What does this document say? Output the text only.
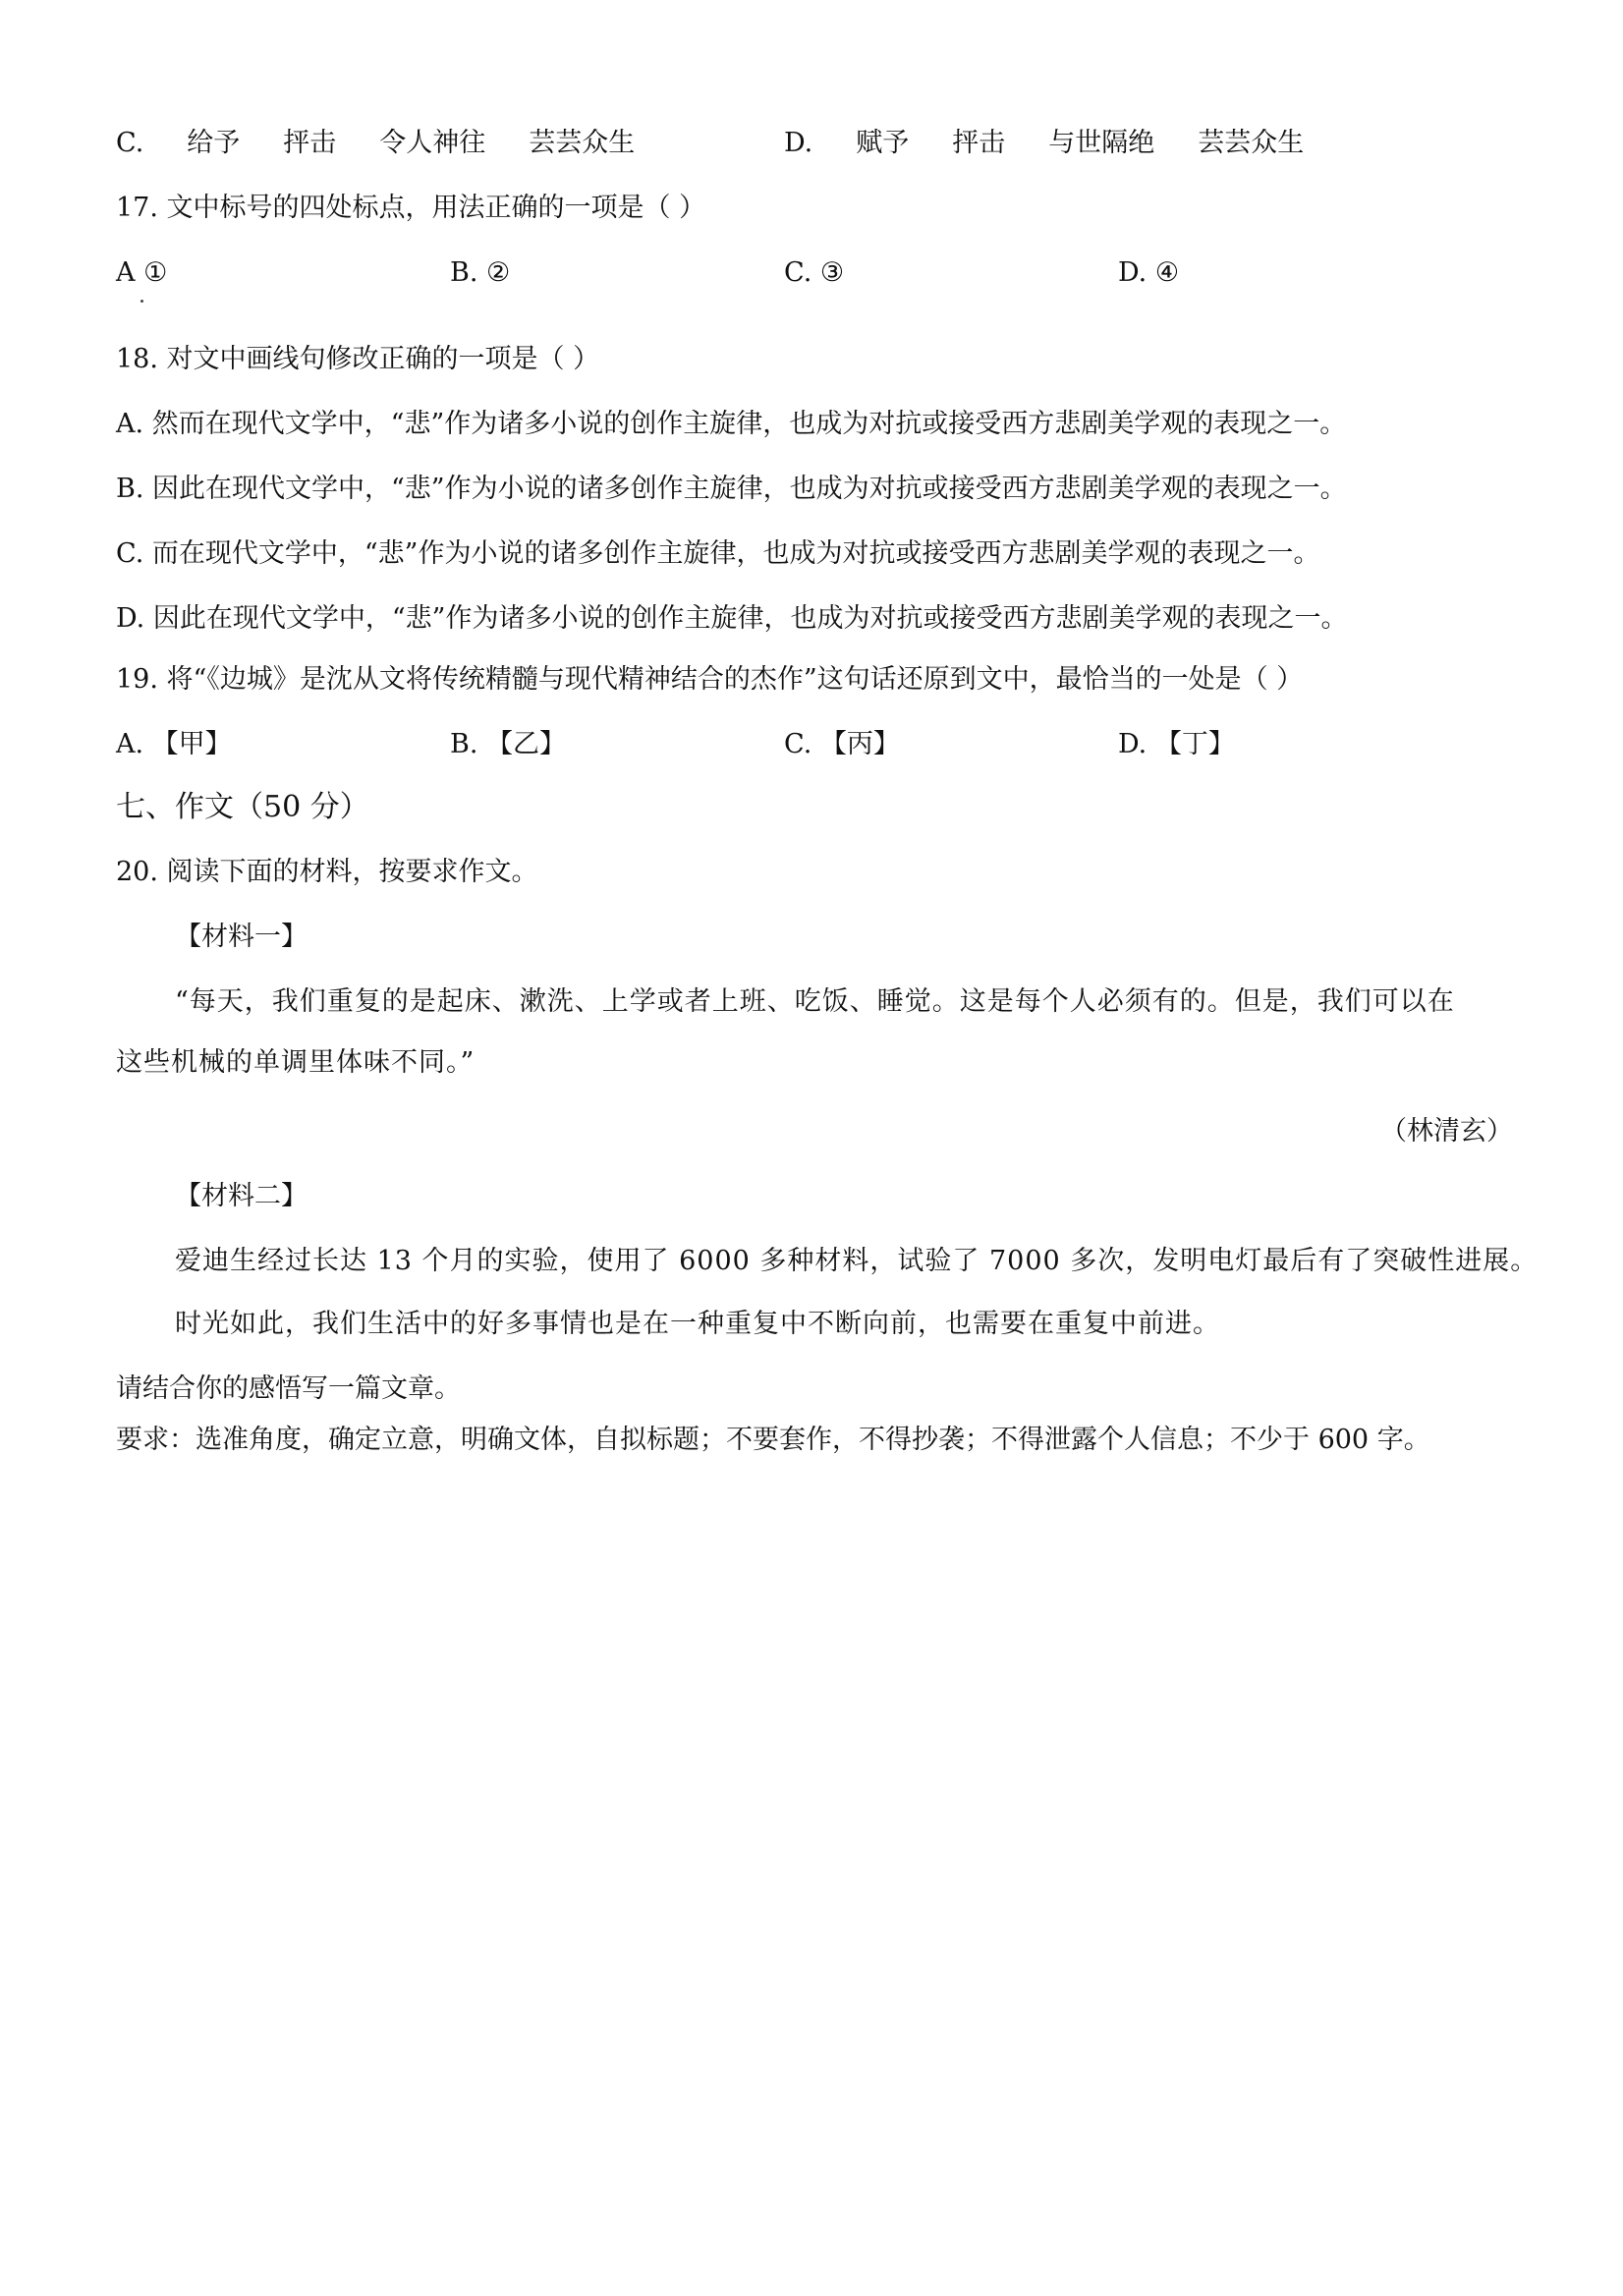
C. 给予 抨击 令人神往 芸芸众生	D. 赋予 抨击 与世隔绝 芸芸众生
17. 文中标号的四处标点，用法正确的一项是（ ）
A ①	B. ②	C. ③	D. ④
18. 对文中画线句修改正确的一项是（ ）
A. 然而在现代文学中，“悲”作为诸多小说的创作主旋律，也成为对抗或接受西方悲剧美学观的表现之一。
B. 因此在现代文学中，“悲”作为小说的诸多创作主旋律，也成为对抗或接受西方悲剧美学观的表现之一。
C. 而在现代文学中，“悲”作为小说的诸多创作主旋律，也成为对抗或接受西方悲剧美学观的表现之一。
D. 因此在现代文学中，“悲”作为诸多小说的创作主旋律，也成为对抗或接受西方悲剧美学观的表现之一。
19. 将“《边城》是沈从文将传统精髓与现代精神结合的杰作”这句话还原到文中，最恰当的一处是（ ）
A. 【甲】	B. 【乙】	C. 【丙】	D. 【丁】
七、作文（50 分）
20. 阅读下面的材料，按要求作文。
【材料一】
“每天，我们重复的是起床、漱洗、上学或者上班、吃饭、睡觉。这是每个人必须有的。但是，我们可以在
这些机械的单调里体味不同。”
（林清玄）
【材料二】
爱迪生经过长达 13 个月的实验，使用了 6000 多种材料，试验了 7000 多次，发明电灯最后有了突破性进展。
时光如此，我们生活中的好多事情也是在一种重复中不断向前，也需要在重复中前进。
请结合你的感悟写一篇文章。
要求：选准角度，确定立意，明确文体，自拟标题；不要套作，不得抄袭；不得泄露个人信息；不少于 600 字。
